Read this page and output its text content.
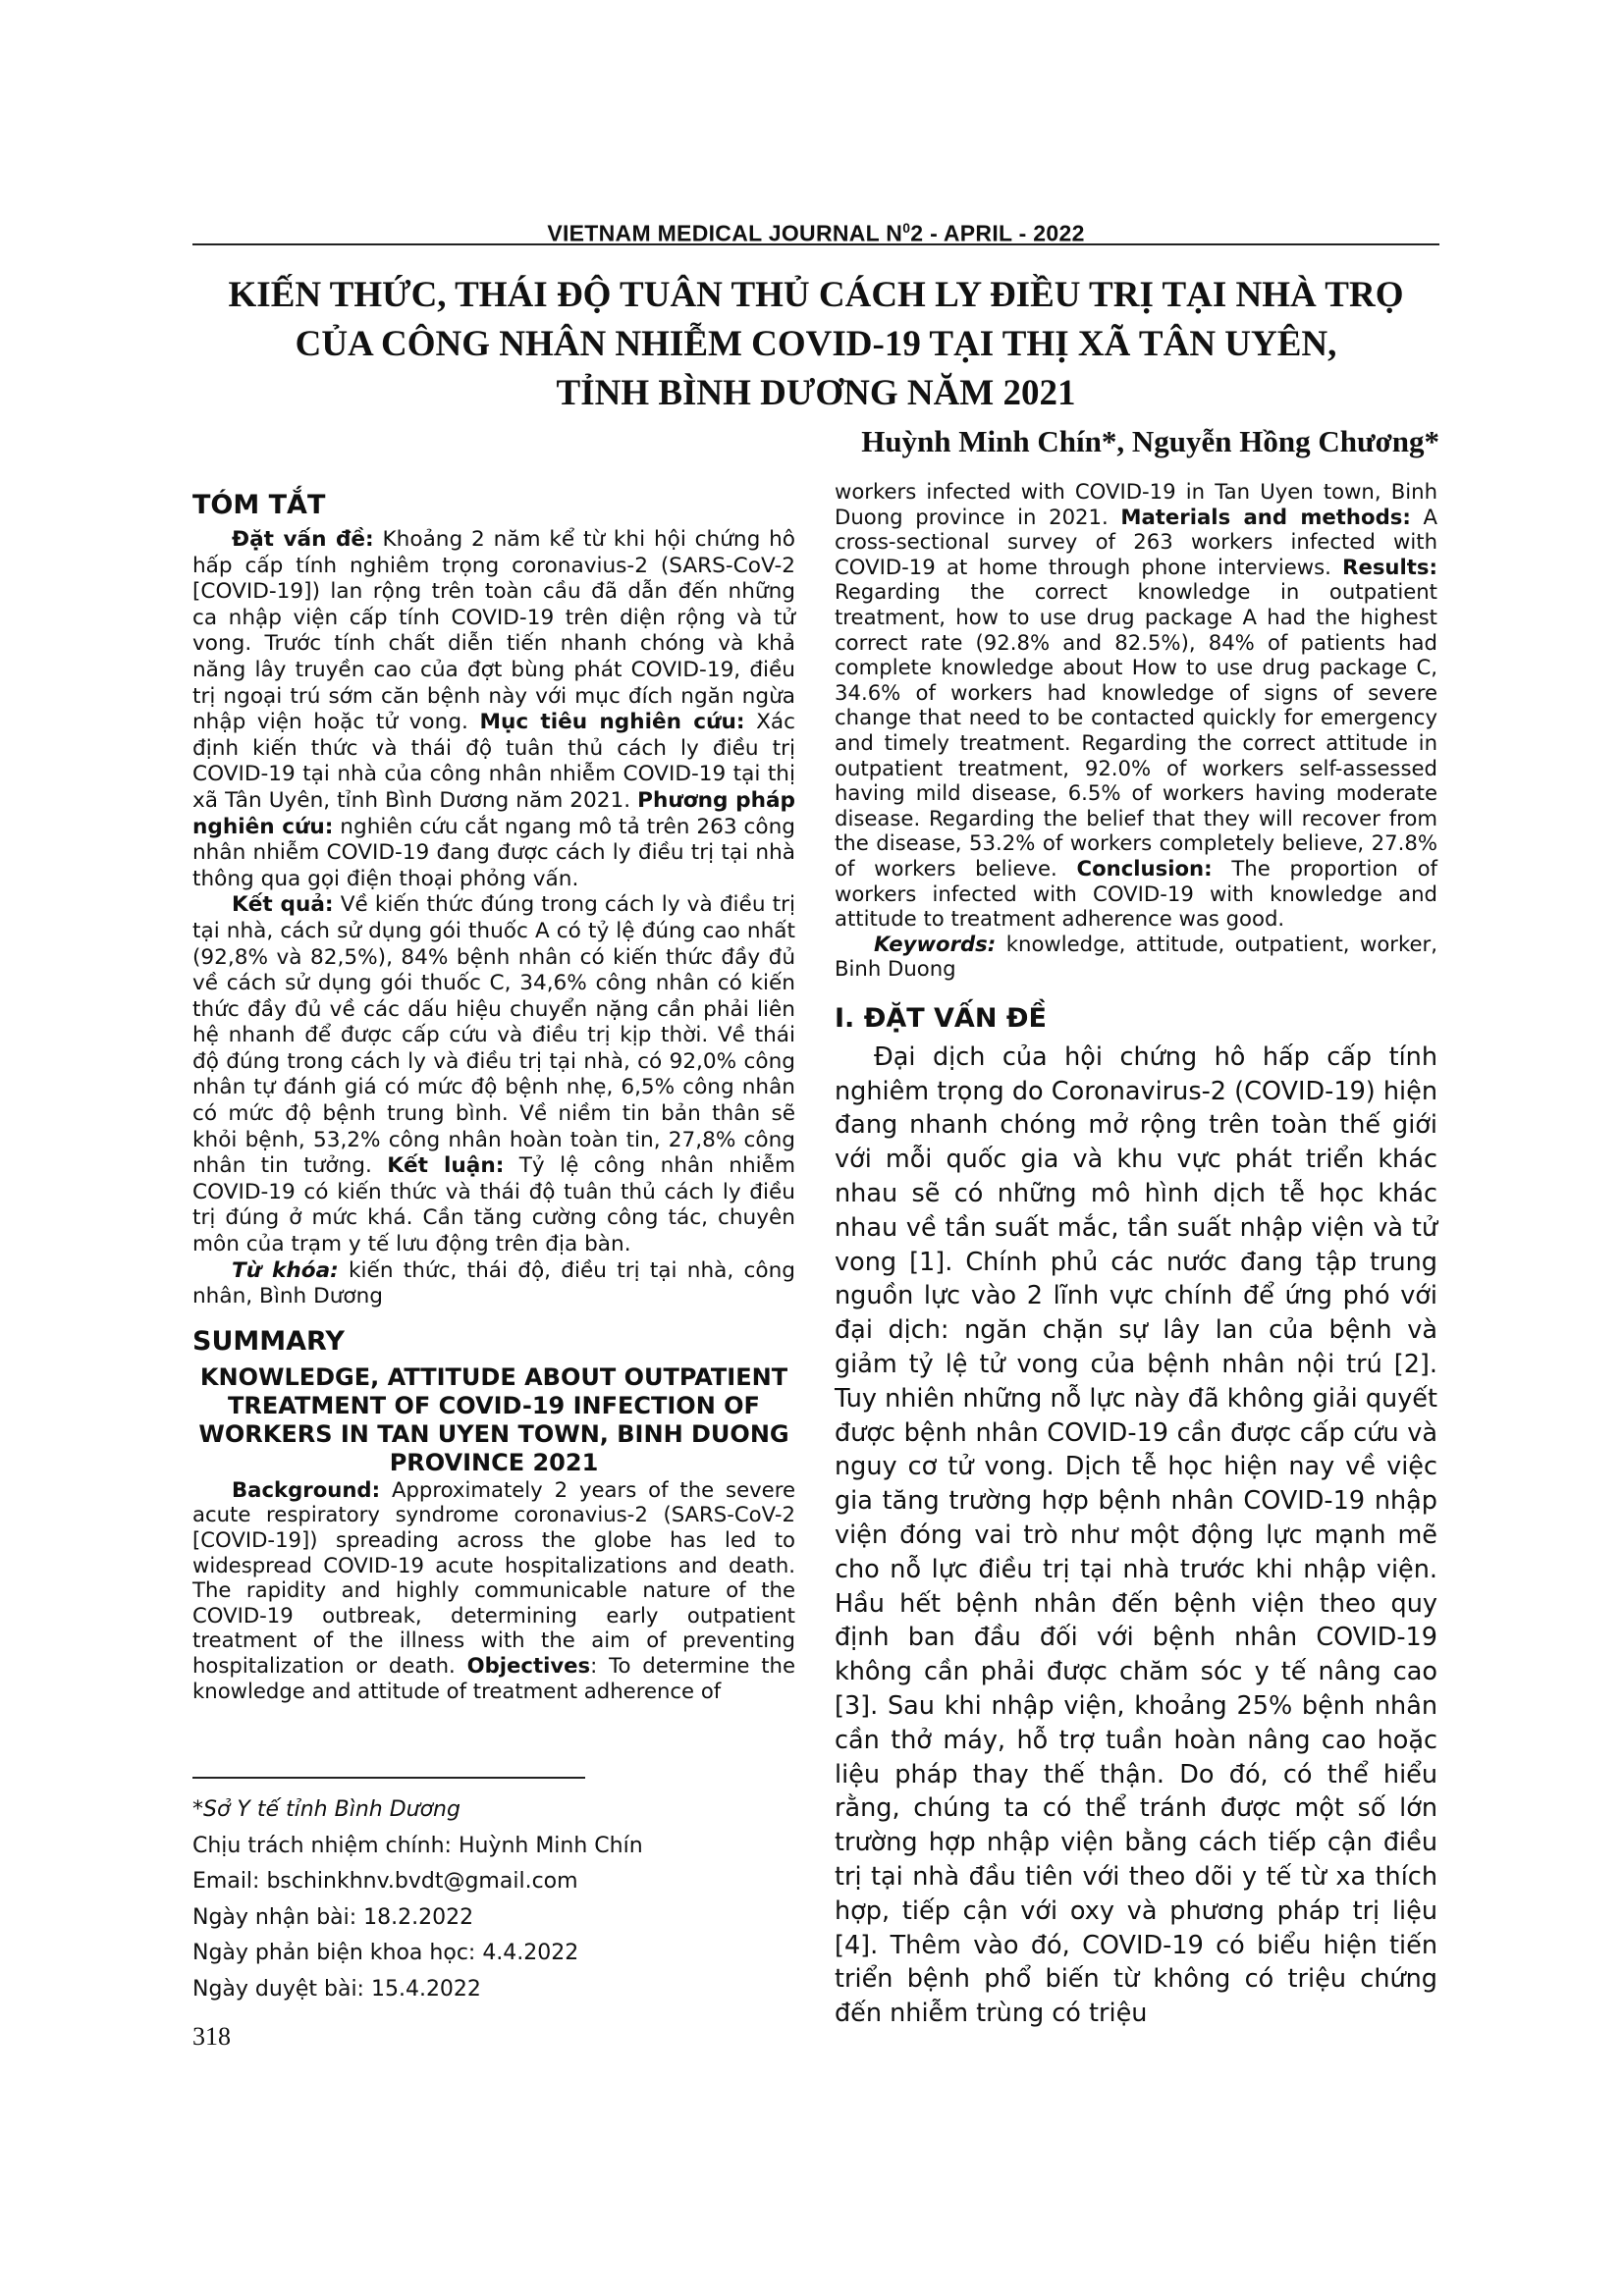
VIETNAM MEDICAL JOURNAL $N^02$ - APRIL - 2022
KIẾN THỨC, THÁI ĐỘ TUÂN THỦ CÁCH LY ĐIỀU TRỊ TẠI NHÀ TRỌ
CỦA CÔNG NHÂN NHIỄM COVID-19 TẠI THỊ XÃ TÂN UYÊN,
TỈNH BÌNH DƯƠNG NĂM 2021
Huỳnh Minh Chín*, Nguyễn Hồng Chương*

TÓM TẮT

Đặt vấn đề: Khoảng 2 năm kể từ khi hội chứng hô hấp cấp tính nghiêm trọng coronavius-2 (SARS-CoV-2 [COVID-19]) lan rộng trên toàn cầu đã dẫn đến những ca nhập viện cấp tính COVID-19 trên diện rộng và tử vong. Trước tính chất diễn tiến nhanh chóng và khả năng lây truyền cao của đợt bùng phát COVID-19, điều trị ngoại trú sớm căn bệnh này với mục đích ngăn ngừa nhập viện hoặc tử vong. Mục tiêu nghiên cứu: Xác định kiến thức và thái độ tuân thủ cách ly điều trị COVID-19 tại nhà của công nhân nhiễm COVID-19 tại thị xã Tân Uyên, tỉnh Bình Dương năm 2021. Phương pháp nghiên cứu: nghiên cứu cắt ngang mô tả trên 263 công nhân nhiễm COVID-19 đang được cách ly điều trị tại nhà thông qua gọi điện thoại phỏng vấn.

Kết quả: Về kiến thức đúng trong cách ly và điều trị tại nhà, cách sử dụng gói thuốc A có tỷ lệ đúng cao nhất (92,8% và 82,5%), 84% bệnh nhân có kiến thức đầy đủ về cách sử dụng gói thuốc C, 34,6% công nhân có kiến thức đầy đủ về các dấu hiệu chuyển nặng cần phải liên hệ nhanh để được cấp cứu và điều trị kịp thời. Về thái độ đúng trong cách ly và điều trị tại nhà, có 92,0% công nhân tự đánh giá có mức độ bệnh nhẹ, 6,5% công nhân có mức độ bệnh trung bình. Về niềm tin bản thân sẽ khỏi bệnh, 53,2% công nhân hoàn toàn tin, 27,8% công nhân tin tưởng. Kết luận: Tỷ lệ công nhân nhiễm COVID-19 có kiến thức và thái độ tuân thủ cách ly điều trị đúng ở mức khá. Cần tăng cường công tác, chuyên môn của trạm y tế lưu động trên địa bàn.

Từ khóa: kiến thức, thái độ, điều trị tại nhà, công nhân, Bình Dương

SUMMARY

KNOWLEDGE, ATTITUDE ABOUT OUTPATIENT TREATMENT OF COVID-19 INFECTION OF WORKERS IN TAN UYEN TOWN, BINH DUONG PROVINCE 2021

Background: Approximately 2 years of the severe acute respiratory syndrome coronavius-2 (SARS-CoV-2 [COVID-19]) spreading across the globe has led to widespread COVID-19 acute hospitalizations and death. The rapidity and highly communicable nature of the COVID-19 outbreak, determining early outpatient treatment of the illness with the aim of preventing hospitalization or death. Objectives: To determine the knowledge and attitude of treatment adherence of

workers infected with COVID-19 in Tan Uyen town, Binh Duong province in 2021. Materials and methods: A cross-sectional survey of 263 workers infected with COVID-19 at home through phone interviews. Results: Regarding the correct knowledge in outpatient treatment, how to use drug package A had the highest correct rate (92.8% and 82.5%), 84% of patients had complete knowledge about How to use drug package C, 34.6% of workers had knowledge of signs of severe change that need to be contacted quickly for emergency and timely treatment. Regarding the correct attitude in outpatient treatment, 92.0% of workers self-assessed having mild disease, 6.5% of workers having moderate disease. Regarding the belief that they will recover from the disease, 53.2% of workers completely believe, 27.8% of workers believe. Conclusion: The proportion of workers infected with COVID-19 with knowledge and attitude to treatment adherence was good.

Keywords: knowledge, attitude, outpatient, worker, Binh Duong

I. ĐẶT VẤN ĐỀ

Đại dịch của hội chứng hô hấp cấp tính nghiêm trọng do Coronavirus-2 (COVID-19) hiện đang nhanh chóng mở rộng trên toàn thế giới với mỗi quốc gia và khu vực phát triển khác nhau sẽ có những mô hình dịch tễ học khác nhau về tần suất mắc, tần suất nhập viện và tử vong [1]. Chính phủ các nước đang tập trung nguồn lực vào 2 lĩnh vực chính để ứng phó với đại dịch: ngăn chặn sự lây lan của bệnh và giảm tỷ lệ tử vong của bệnh nhân nội trú [2]. Tuy nhiên những nỗ lực này đã không giải quyết được bệnh nhân COVID-19 cần được cấp cứu và nguy cơ tử vong. Dịch tễ học hiện nay về việc gia tăng trường hợp bệnh nhân COVID-19 nhập viện đóng vai trò như một động lực mạnh mẽ cho nỗ lực điều trị tại nhà trước khi nhập viện. Hầu hết bệnh nhân đến bệnh viện theo quy định ban đầu đối với bệnh nhân COVID-19 không cần phải được chăm sóc y tế nâng cao [3]. Sau khi nhập viện, khoảng 25% bệnh nhân cần thở máy, hỗ trợ tuần hoàn nâng cao hoặc liệu pháp thay thế thận. Do đó, có thể hiểu rằng, chúng ta có thể tránh được một số lớn trường hợp nhập viện bằng cách tiếp cận điều trị tại nhà đầu tiên với theo dõi y tế từ xa thích hợp, tiếp cận với oxy và phương pháp trị liệu [4]. Thêm vào đó, COVID-19 có biểu hiện tiến triển bệnh phổ biến từ không có triệu chứng đến nhiễm trùng có triệu

*Sở Y tế tỉnh Bình Dương
Chịu trách nhiệm chính: Huỳnh Minh Chín
Email: bschinkhnv.bvdt@gmail.com
Ngày nhận bài: 18.2.2022
Ngày phản biện khoa học: 4.4.2022
Ngày duyệt bài: 15.4.2022
318
